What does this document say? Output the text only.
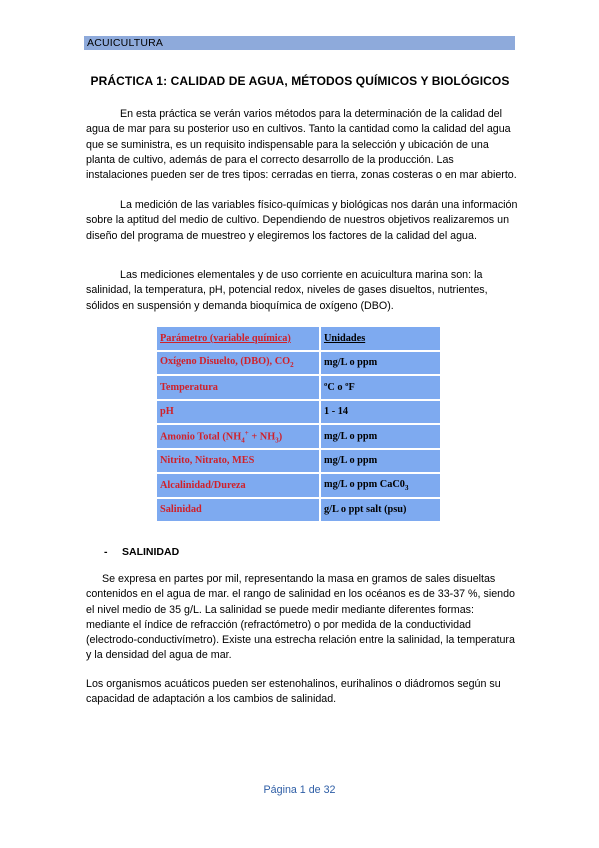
ACUICULTURA
PRÁCTICA 1: CALIDAD DE AGUA, MÉTODOS QUÍMICOS Y BIOLÓGICOS
En esta práctica se verán varios métodos para la determinación de la calidad del agua de mar para su posterior uso en cultivos. Tanto la cantidad como la calidad del agua que se suministra, es un requisito indispensable para la selección y ubicación de una planta de cultivo, además de para el correcto desarrollo de la producción. Las instalaciones pueden ser de tres tipos: cerradas en tierra, zonas costeras o en mar abierto.
La medición de las variables físico-químicas y biológicas nos darán una información sobre la aptitud del medio de cultivo. Dependiendo de nuestros objetivos realizaremos un diseño del programa de muestreo y elegiremos los factores de la calidad del agua.
Las mediciones elementales y de uso corriente en acuicultura marina son: la salinidad, la temperatura, pH, potencial redox, niveles de gases disueltos, nutrientes, sólidos en suspensión y demanda bioquímica de oxígeno (DBO).
Parámetro (variable química)	Unidades
Oxígeno Disuelto, (DBO), $CO_2$	mg/L o ppm
Temperatura	ºC o ºF
pH	1 - 14
Amonio Total $(NH_4^+ + NH_3)$	mg/L o ppm
Nitrito, Nitrato, MES	mg/L o ppm
Alcalinidad/Dureza	mg/L o ppm $CaC0_3$
Salinidad	g/L o ppt salt (psu)
- SALINIDAD
Se expresa en partes por mil, representando la masa en gramos de sales disueltas contenidos en el agua de mar. el rango de salinidad en los océanos es de 33-37 %, siendo el nivel medio de 35 g/L. La salinidad se puede medir mediante diferentes formas: mediante el índice de refracción (refractómetro) o por medida de la conductividad (electrodo-conductivímetro). Existe una estrecha relación entre la salinidad, la temperatura y la densidad del agua de mar.
Los organismos acuáticos pueden ser estenohalinos, eurihalinos o diádromos según su capacidad de adaptación a los cambios de salinidad.
Página 1 de 32
